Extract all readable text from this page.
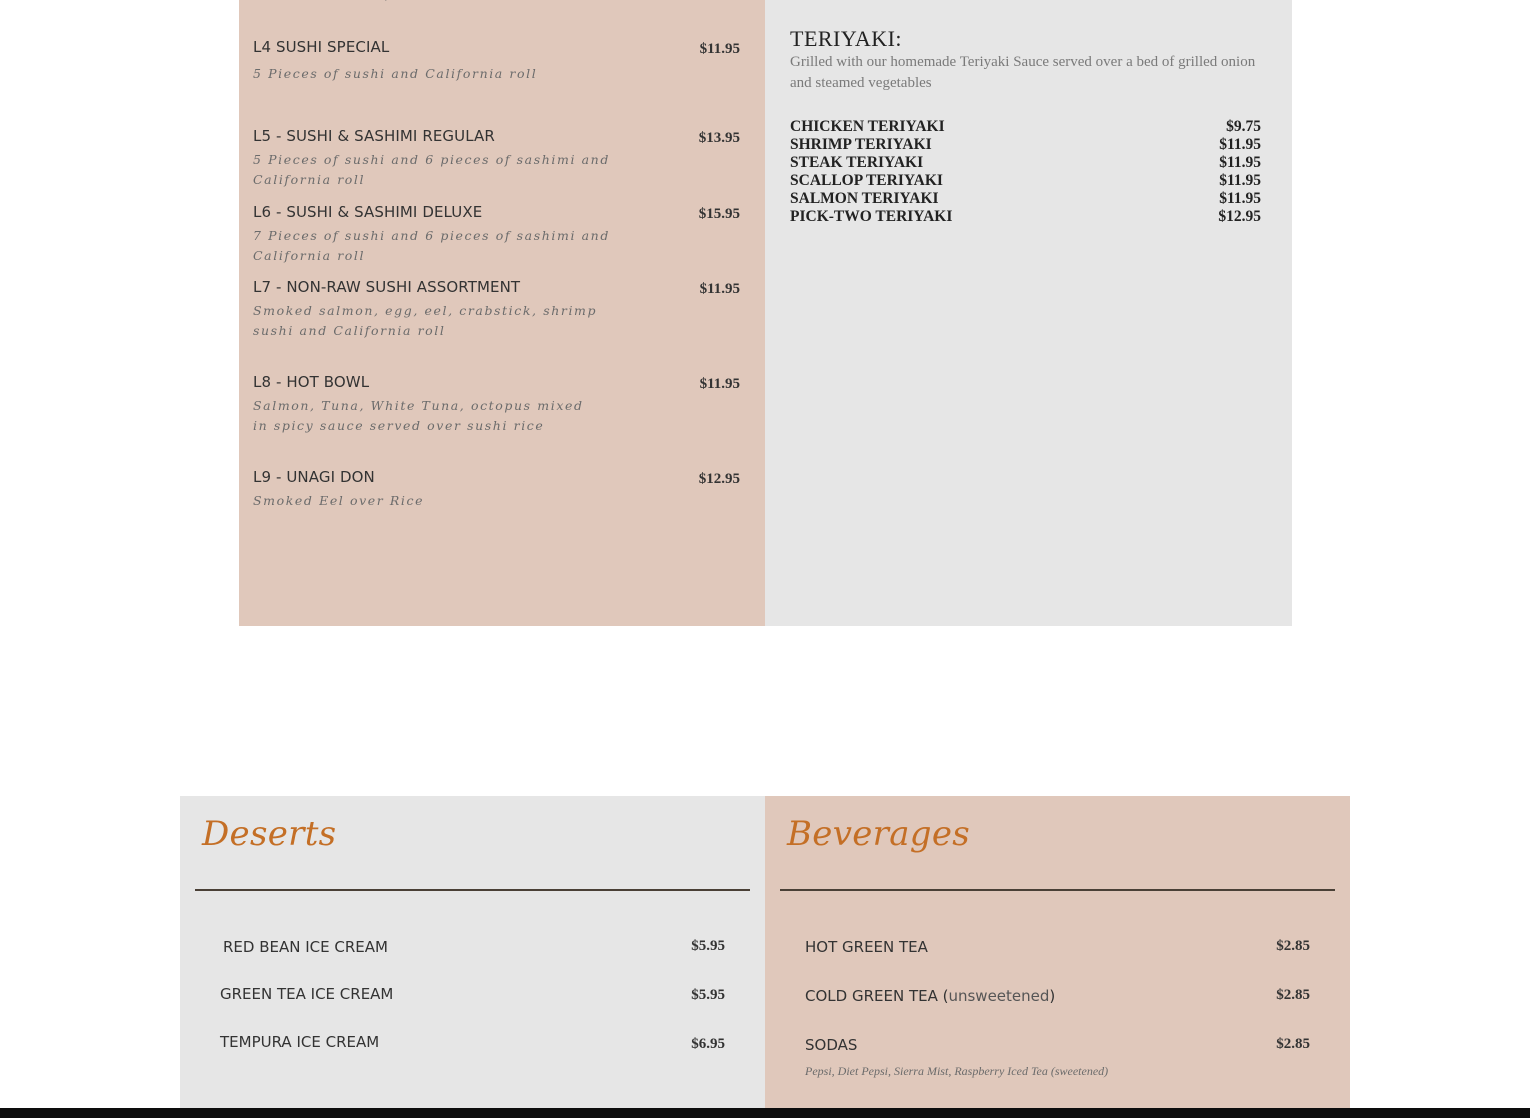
L4 SUSHI SPECIAL
5 Pieces of sushi and California roll
$11.95
L5 - SUSHI & SASHIMI REGULAR
5 Pieces of sushi and 6 pieces of sashimi and California roll
$13.95
L6 - SUSHI & SASHIMI DELUXE
7 Pieces of sushi and 6 pieces of sashimi and California roll
$15.95
L7 - NON-RAW SUSHI ASSORTMENT
Smoked salmon, egg, eel, crabstick, shrimp sushi and California roll
$11.95
L8 - HOT BOWL
Salmon, Tuna, White Tuna, octopus mixed in spicy sauce served over sushi rice
$11.95
L9 - UNAGI DON
Smoked Eel over Rice
$12.95
TERIYAKI:
Grilled with our homemade Teriyaki Sauce served over a bed of grilled onion and steamed vegetables
CHICKEN TERIYAKI	$9.75
SHRIMP TERIYAKI	$11.95
STEAK TERIYAKI	$11.95
SCALLOP TERIYAKI	$11.95
SALMON TERIYAKI	$11.95
PICK-TWO TERIYAKI	$12.95
Deserts
RED BEAN ICE CREAM	$5.95
GREEN TEA ICE CREAM	$5.95
TEMPURA ICE CREAM	$6.95
Beverages
HOT GREEN TEA	$2.85
COLD GREEN TEA (unsweetened)	$2.85
SODAS	$2.85
Pepsi, Diet Pepsi, Sierra Mist, Raspberry Iced Tea (sweetened)
